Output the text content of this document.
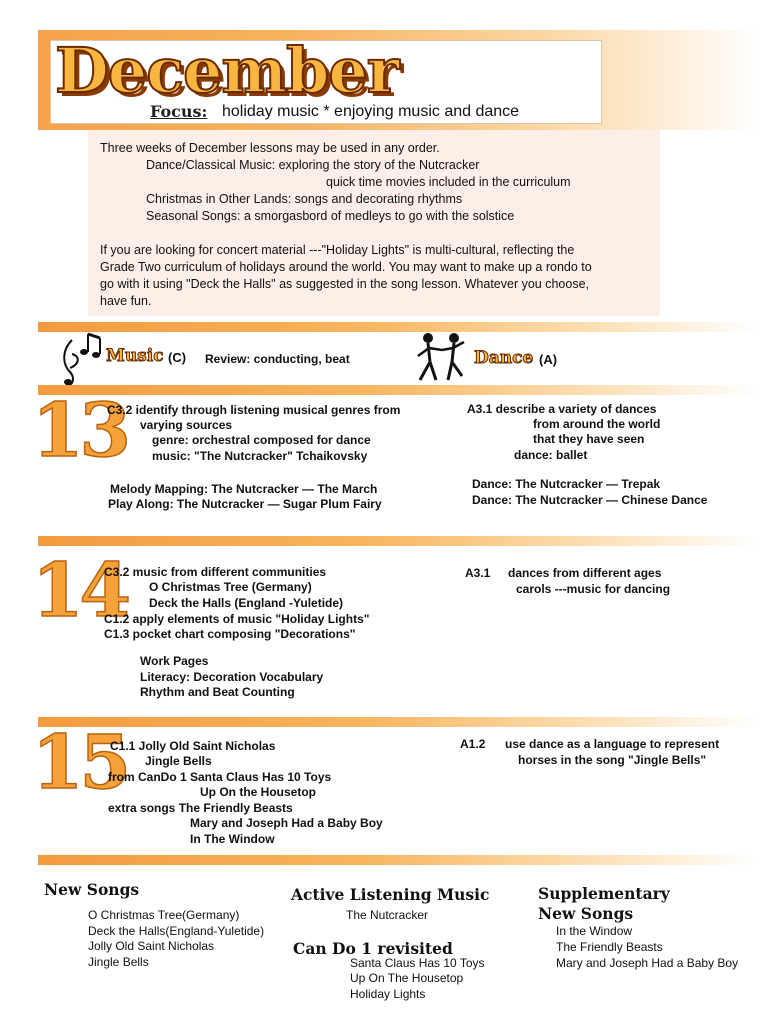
December
Focus: holiday music * enjoying music and dance
Three weeks of December lessons may be used in any order.
Dance/Classical Music: exploring the story of the Nutcracker
quick time movies included in the curriculum
Christmas in Other Lands: songs and decorating rhythms
Seasonal Songs: a smorgasbord of medleys to go with the solstice
If you are looking for concert material ---"Holiday Lights" is multi-cultural, reflecting the
Grade Two curriculum of holidays around the world. You may want to make up a rondo to
go with it using "Deck the Halls" as suggested in the song lesson. Whatever you choose,
have fun.
Music (C) Review: conducting, beat	Dance (A)
13
C3.2 identify through listening musical genres from
varying sources
genre: orchestral composed for dance
music: "The Nutcracker" Tchaikovsky
Melody Mapping: The Nutcracker — The March
Play Along: The Nutcracker — Sugar Plum Fairy
A3.1 describe a variety of dances
from around the world
that they have seen
dance: ballet
Dance: The Nutcracker — Trepak
Dance: The Nutcracker — Chinese Dance
14
C3.2 music from different communities
O Christmas Tree (Germany)
Deck the Halls (England -Yuletide)
C1.2 apply elements of music "Holiday Lights"
C1.3 pocket chart composing "Decorations"
Work Pages
Literacy: Decoration Vocabulary
Rhythm and Beat Counting
A3.1 dances from different ages
carols ---music for dancing
15
C1.1 Jolly Old Saint Nicholas
Jingle Bells
from CanDo 1 Santa Claus Has 10 Toys
Up On the Housetop
extra songs The Friendly Beasts
Mary and Joseph Had a Baby Boy
In The Window
A1.2 use dance as a language to represent
horses in the song "Jingle Bells"
New Songs
O Christmas Tree(Germany)
Deck the Halls(England-Yuletide)
Jolly Old Saint Nicholas
Jingle Bells
Active Listening Music
The Nutcracker
Can Do 1 revisited
Santa Claus Has 10 Toys
Up On The Housetop
Holiday Lights
Supplementary
New Songs
In the Window
The Friendly Beasts
Mary and Joseph Had a Baby Boy
